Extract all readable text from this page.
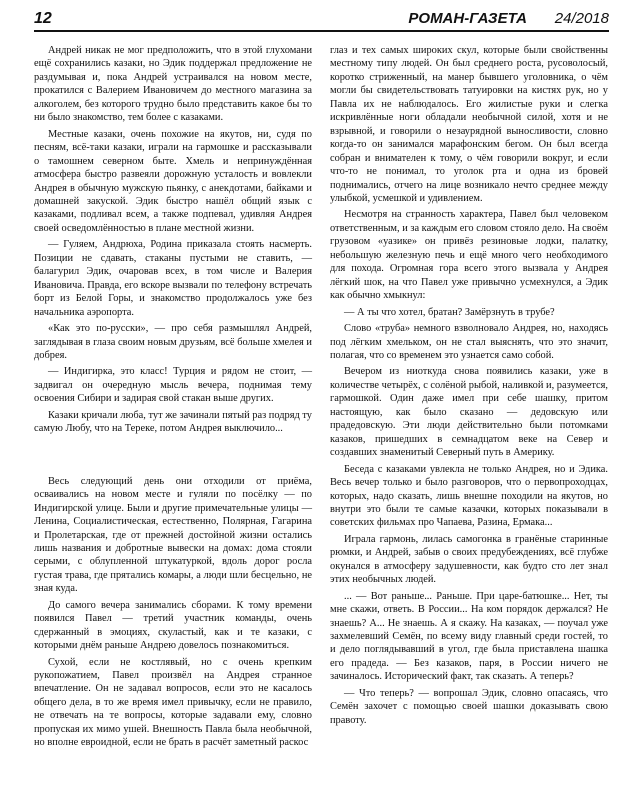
12	РОМАН-ГАЗЕТА 24/2018

Андрей никак не мог предположить, что в этой глухомани ещё сохранились казаки, но Эдик поддержал предложение не раздумывая и, пока Андрей устраивался на новом месте, прокатился с Валерием Ивановичем до местного магазина за алкоголем, без которого трудно было представить какое бы то ни было знакомство, тем более с казаками.

Местные казаки, очень похожие на якутов, ни, судя по песням, всё-таки казаки, играли на гармошке и рассказывали о тамошнем северном быте. Хмель и непринуждённая атмосфера быстро развеяли дорожную усталость и вовлекли Андрея в обычную мужскую пьянку, с анекдотами, байками и домашней закуской. Эдик быстро нашёл общий язык с казаками, подливал всем, а также подпевал, удивляя Андрея своей осведомлённостью в плане местной жизни.

— Гуляем, Андрюха, Родина приказала стоять насмерть. Позиции не сдавать, стаканы пустыми не ставить, — балагурил Эдик, очаровав всех, в том числе и Валерия Ивановича. Правда, его вскоре вызвали по телефону встречать борт из Белой Горы, и знакомство продолжалось уже без начальника аэропорта.

«Как это по-русски», — про себя размышлял Андрей, заглядывая в глаза своим новым друзьям, всё больше хмелея и добрея.

— Индигирка, это класс! Турция и рядом не стоит, — задвигал он очередную мысль вечера, поднимая тему освоения Сибири и задирая свой стакан выше других.

Казаки кричали люба, тут же зачинали пятый раз подряд ту самую Любу, что на Тереке, потом Андрея выключило...

Весь следующий день они отходили от приёма, осваивались на новом месте и гуляли по посёлку — по Индигирской улице. Были и другие примечательные улицы — Ленина, Социалистическая, естественно, Полярная, Гагарина и Пролетарская, где от прежней достойной жизни остались лишь названия и добротные вывески на домах: дома стояли серыми, с облупленной штукатуркой, вдоль дорог росла густая трава, где прятались комары, а люди шли бесцельно, не зная куда.

До самого вечера занимались сборами. К тому времени появился Павел — третий участник команды, очень сдержанный в эмоциях, скуластый, как и те казаки, с которыми днём раньше Андрею довелось познакомиться.

Сухой, если не костлявый, но с очень крепким рукопожатием, Павел произвёл на Андрея странное впечатление. Он не задавал вопросов, если это не касалось общего дела, в то же время имел привычку, если не правило, не отвечать на те вопросы, которые задавали ему, словно пропуская их мимо ушей. Внешность Павла была необычной, но вполне евроидной, если не брать в расчёт заметный раскос

глаз и тех самых широких скул, которые были свойственны местному типу людей. Он был среднего роста, русоволосый, коротко стриженный, на манер бывшего уголовника, о чём могли бы свидетельствовать татуировки на кистях рук, но у Павла их не наблюдалось. Его жилистые руки и слегка искривлённые ноги обладали необычной силой, хотя и не взрывной, и говорили о незаурядной выносливости, словно когда-то он занимался марафонским бегом. Он был всегда собран и внимателен к тому, о чём говорили вокруг, и если что-то не понимал, то уголок рта и одна из бровей поднимались, отчего на лице возникало нечто среднее между улыбкой, усмешкой и удивлением.

Несмотря на странность характера, Павел был человеком ответственным, и за каждым его словом стояло дело. На своём грузовом «уазике» он привёз резиновые лодки, палатку, небольшую железную печь и ещё много чего необходимого для похода. Огромная гора всего этого вызвала у Андрея лёгкий шок, на что Павел уже привычно усмехнулся, а Эдик как обычно хмыкнул:

— А ты что хотел, братан? Замёрзнуть в трубе?

Слово «труба» немного взволновало Андрея, но, находясь под лёгким хмельком, он не стал выяснять, что это значит, полагая, что со временем это узнается само собой.

Вечером из ниоткуда снова появились казаки, уже в количестве четырёх, с солёной рыбой, наливкой и, разумеется, гармошкой. Один даже имел при себе шашку, притом настоящую, как было сказано — дедовскую или прадедовскую. Эти люди действительно были потомками казаков, пришедших в семнадцатом веке на Север и создавших знаменитый Северный путь в Америку.

Беседа с казаками увлекла не только Андрея, но и Эдика. Весь вечер только и было разговоров, что о первопроходцах, которых, надо сказать, лишь внешне походили на якутов, но внутри это были те самые казачки, которых показывали в советских фильмах про Чапаева, Разина, Ермака...

Играла гармонь, лилась самогонка в гранёные старинные рюмки, и Андрей, забыв о своих предубеждениях, всё глубже окунался в атмосферу задушевности, как будто сто лет знал этих необычных людей.

... — Вот раньше... Раньше. При царе-батюшке... Нет, ты мне скажи, ответь. В России... На ком порядок держался? Не знаешь? А... Не знаешь. А я скажу. На казаках, — поучал уже захмелевший Семён, по всему виду главный среди гостей, то и дело поглядывавший в угол, где была приставлена шашка его прадеда. — Без казаков, паря, в России ничего не зачиналось. Исторический факт, так сказать. А теперь?

— Что теперь? — вопрошал Эдик, словно опасаясь, что Семён захочет с помощью своей шашки доказывать свою правоту.
